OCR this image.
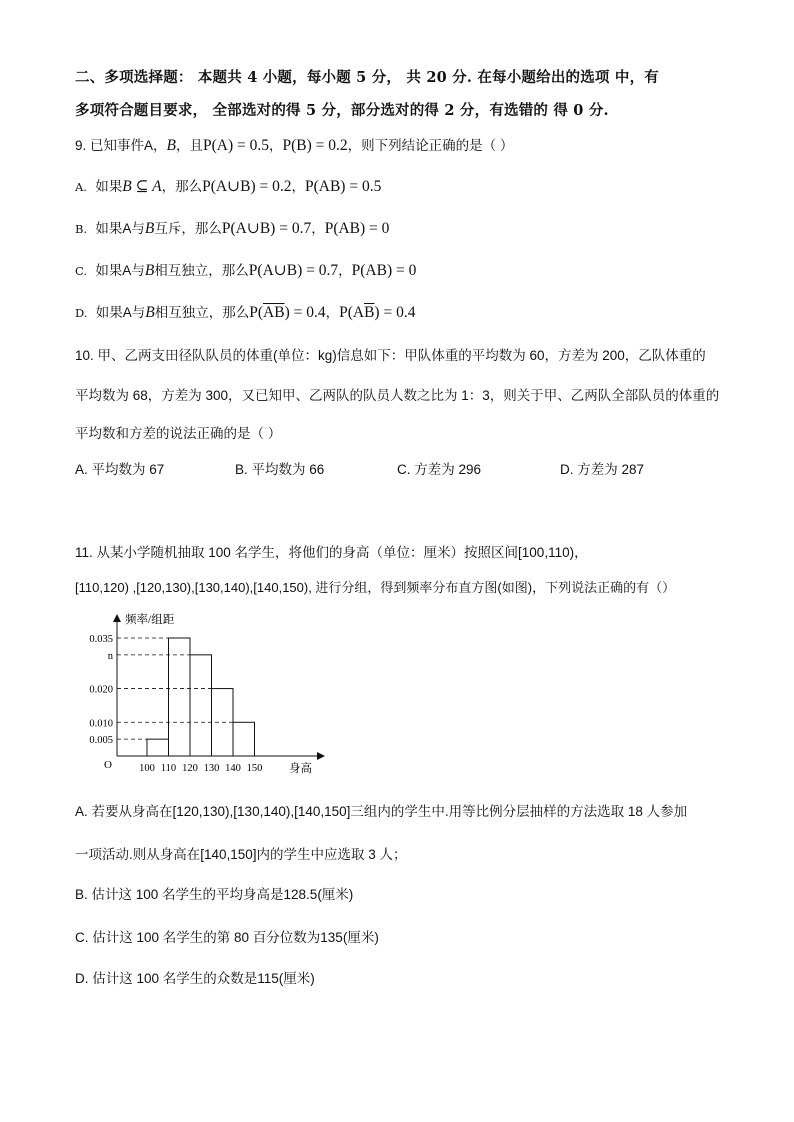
二、多项选择题： 本题共 4 小题，每小题 5 分， 共 20 分. 在每小题给出的选项 中，有
多项符合题目要求， 全部选对的得 5 分，部分选对的得 2 分，有选错的 得 0 分.
9. 已知事件A，B，且P(A) = 0.5，P(B) = 0.2，则下列结论正确的是（ ）
A. 如果B ⊆ A，那么P(A∪B) = 0.2，P(AB) = 0.5
B. 如果A与B互斥，那么P(A∪B) = 0.7，P(AB) = 0
C. 如果A与B相互独立，那么P(A∪B) = 0.7，P(AB) = 0
D. 如果A与B相互独立，那么$P(\overline{AB}) = 0.4$，$P(A\overline{B}) = 0.4$
10. 甲、乙两支田径队队员的体重(单位：kg)信息如下：甲队体重的平均数为 60，方差为 200，乙队体重的
平均数为 68，方差为 300，又已知甲、乙两队的队员人数之比为 1：3，则关于甲、乙两队全部队员的体重的
平均数和方差的说法正确的是（ ）
A. 平均数为 67	B. 平均数为 66	C. 方差为 296	D. 方差为 287
11. 从某小学随机抽取 100 名学生，将他们的身高（单位：厘米）按照区间[100,110)，
[110,120) ,[120,130),[130,140),[140,150), 进行分组，得到频率分布直方图(如图)，下列说法正确的有（）
频率/组距
身高
O
0.035
n
0.020
0.010
0.005
100 110 120 130 140 150
A. 若要从身高在[120,130),[130,140),[140,150]三组内的学生中.用等比例分层抽样的方法选取 18 人参加
一项活动.则从身高在[140,150]内的学生中应选取 3 人；
B. 估计这 100 名学生的平均身高是128.5(厘米)
C. 估计这 100 名学生的第 80 百分位数为135(厘米)
D. 估计这 100 名学生的众数是115(厘米)
